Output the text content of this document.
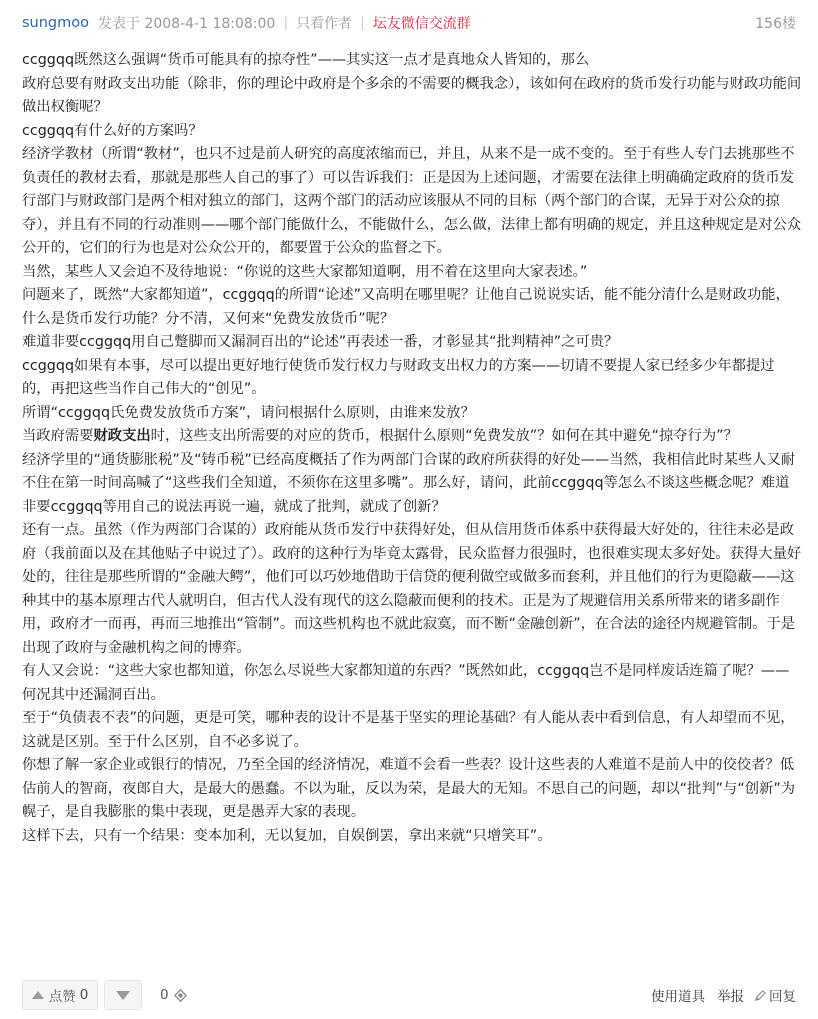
sungmoo 发表于 2008-4-1 18:08:00 | 只看作者 | 坛友微信交流群	156楼

ccggqq既然这么强调“货币可能具有的掠夺性”——其实这一点才是真地众人皆知的，那么

政府总要有财政支出功能（除非，你的理论中政府是个多余的不需要的概我念），该如何在政府的货币发行功能与财政功能间做出权衡呢？

ccggqq有什么好的方案吗？

经济学教材（所谓“教材”，也只不过是前人研究的高度浓缩而已，并且，从来不是一成不变的。至于有些人专门去挑那些不负责任的教材去看，那就是那些人自己的事了）可以告诉我们：正是因为上述问题，才需要在法律上明确确定政府的货币发行部门与财政部门是两个相对独立的部门，这两个部门的活动应该服从不同的目标（两个部门的合谋，无异于对公众的掠夺），并且有不同的行动准则——哪个部门能做什么，不能做什么，怎么做，法律上都有明确的规定，并且这种规定是对公众公开的，它们的行为也是对公众公开的，都要置于公众的监督之下。

当然，某些人又会迫不及待地说：“你说的这些大家都知道啊，用不着在这里向大家表述。”

问题来了，既然“大家都知道”，ccggqq的所谓“论述”又高明在哪里呢？让他自己说说实话，能不能分清什么是财政功能，什么是货币发行功能？分不清，又何来“免费发放货币”呢？

难道非要ccggqq用自己蹩脚而又漏洞百出的“论述”再表述一番，才彰显其“批判精神”之可贵？

ccggqq如果有本事，尽可以提出更好地行使货币发行权力与财政支出权力的方案——切请不要提人家已经多少年都提过的，再把这些当作自己伟大的“创见”。

所谓“ccggqq氏免费发放货币方案”，请问根据什么原则，由谁来发放？

当政府需要财政支出时，这些支出所需要的对应的货币，根据什么原则“免费发放”？如何在其中避免“掠夺行为”？

经济学里的“通货膨胀税”及“铸币税”已经高度概括了作为两部门合谋的政府所获得的好处——当然，我相信此时某些人又耐不住在第一时间高喊了“这些我们全知道，不须你在这里多嘴”。那么好，请问，此前ccggqq等怎么不谈这些概念呢？难道非要ccggqq等用自己的说法再说一遍，就成了批判，就成了创新？

还有一点。虽然（作为两部门合谋的）政府能从货币发行中获得好处，但从信用货币体系中获得最大好处的，往往未必是政府（我前面以及在其他贴子中说过了）。政府的这种行为毕竟太露骨，民众监督力很强时，也很难实现太多好处。获得大量好处的，往往是那些所谓的“金融大鳄”，他们可以巧妙地借助于信贷的便利做空或做多而套利，并且他们的行为更隐蔽——这种其中的基本原理古代人就明白，但古代人没有现代的这么隐蔽而便利的技术。正是为了规避信用关系所带来的诸多副作用，政府才一而再，再而三地推出“管制”。而这些机构也不就此寂寞，而不断“金融创新”，在合法的途径内规避管制。于是出现了政府与金融机构之间的博弈。

有人又会说：“这些大家也都知道，你怎么尽说些大家都知道的东西？”既然如此，ccggqq岂不是同样废话连篇了呢？——何况其中还漏洞百出。

至于“负债表不表”的问题，更是可笑，哪种表的设计不是基于坚实的理论基础？有人能从表中看到信息，有人却望而不见，这就是区别。至于什么区别，自不必多说了。

你想了解一家企业或银行的情况，乃至全国的经济情况，难道不会看一些表？设计这些表的人难道不是前人中的佼佼者？低估前人的智商，夜郎自大，是最大的愚蠢。不以为耻，反以为荣，是最大的无知。不思自己的问题，却以“批判”与“创新”为幌子，是自我膨胀的集中表现，更是愚弄大家的表现。

这样下去，只有一个结果：变本加利，无以复加，自娱倒罢，拿出来就“只增笑耳”。

点赞 0	0	使用道具 举报 回复
